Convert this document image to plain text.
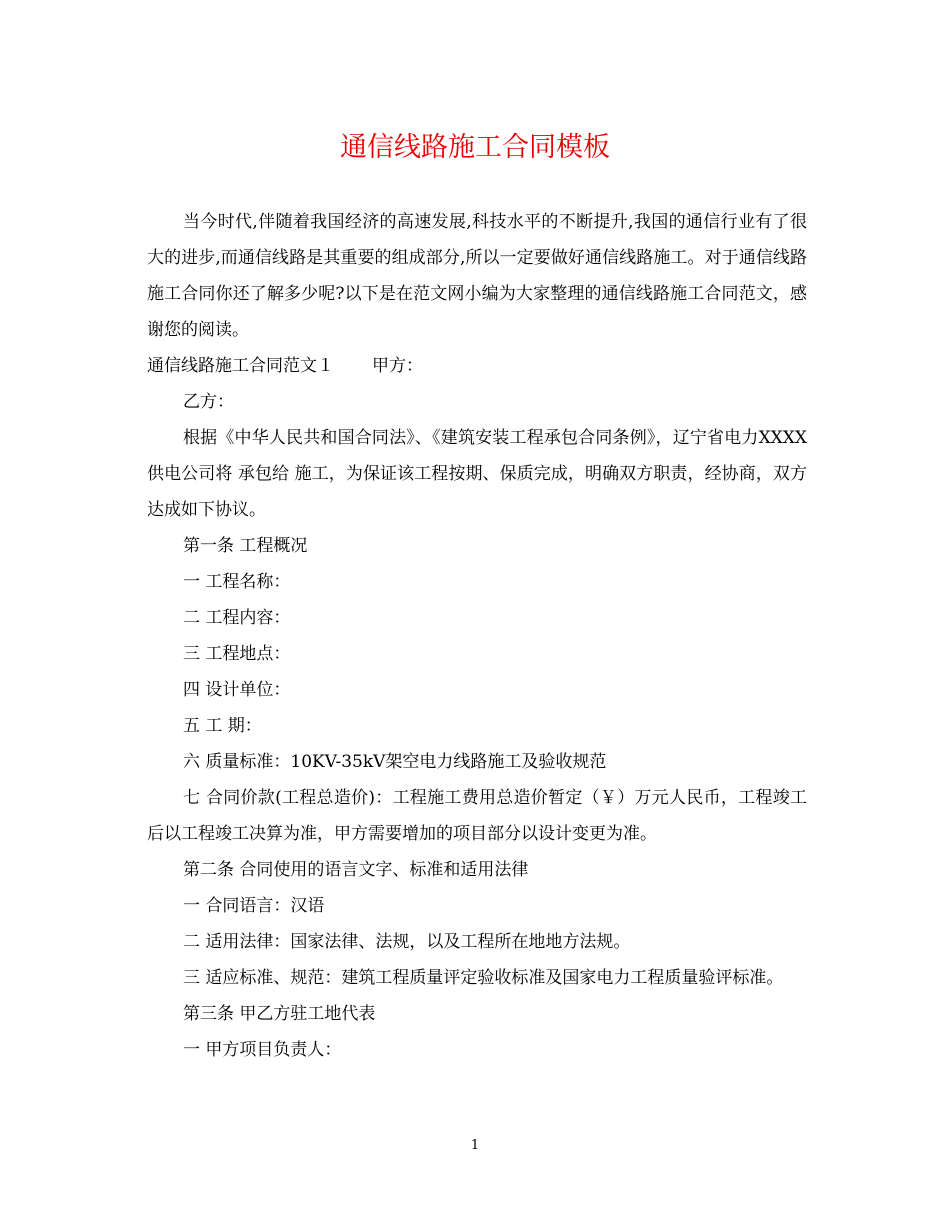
通信线路施工合同模板

当今时代,伴随着我国经济的高速发展,科技水平的不断提升,我国的通信行业有了很大的进步,而通信线路是其重要的组成部分,所以一定要做好通信线路施工。对于通信线路施工合同你还了解多少呢?以下是在范文网小编为大家整理的通信线路施工合同范文，感谢您的阅读。

通信线路施工合同范文１ 甲方：

乙方：

根据《中华人民共和国合同法》、《建筑安装工程承包合同条例》，辽宁省电力XXXX供电公司将 承包给 施工，为保证该工程按期、保质完成，明确双方职责，经协商，双方达成如下协议。

第一条 工程概况

一 工程名称：

二 工程内容：

三 工程地点：

四 设计单位：

五 工 期：

六 质量标准：10KV-35kV架空电力线路施工及验收规范

七 合同价款(工程总造价)：工程施工费用总造价暂定（￥）万元人民币，工程竣工后以工程竣工决算为准，甲方需要增加的项目部分以设计变更为准。

第二条 合同使用的语言文字、标准和适用法律

一 合同语言：汉语

二 适用法律：国家法律、法规，以及工程所在地地方法规。

三 适应标准、规范：建筑工程质量评定验收标准及国家电力工程质量验评标准。

第三条 甲乙方驻工地代表

一 甲方项目负责人：

1
